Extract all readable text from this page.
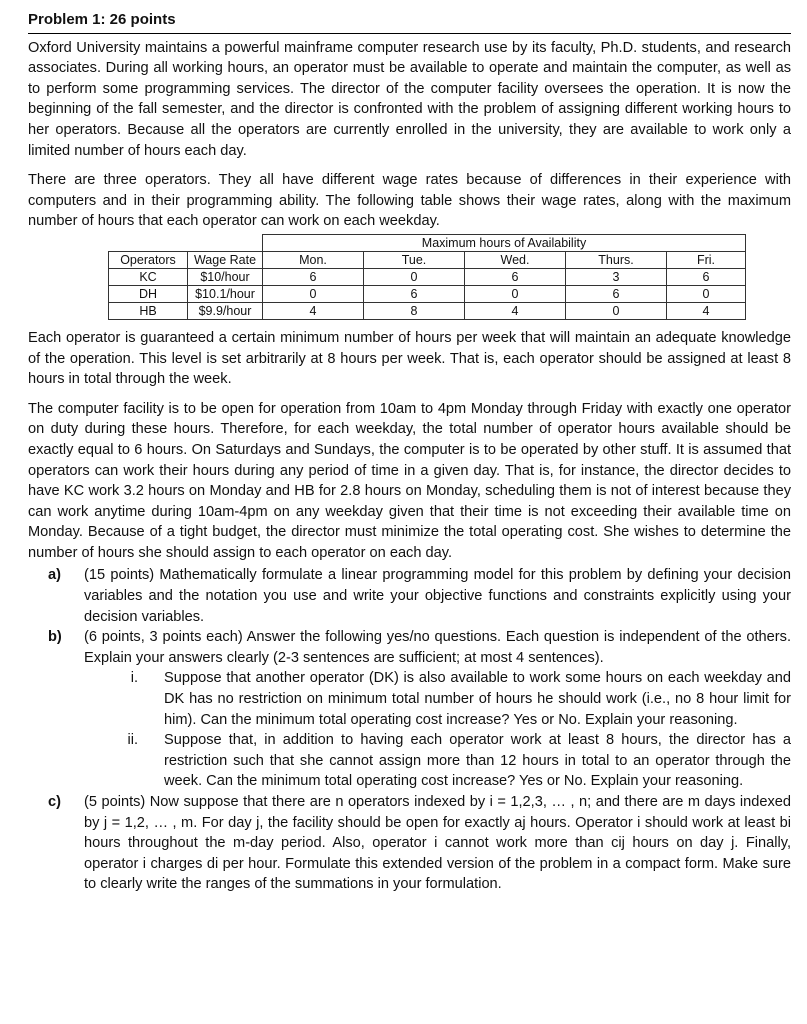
Problem 1: 26 points

Oxford University maintains a powerful mainframe computer research use by its faculty, Ph.D. students, and research associates. During all working hours, an operator must be available to operate and maintain the computer, as well as to perform some programming services. The director of the computer facility oversees the operation. It is now the beginning of the fall semester, and the director is confronted with the problem of assigning different working hours to her operators. Because all the operators are currently enrolled in the university, they are available to work only a limited number of hours each day.

There are three operators. They all have different wage rates because of differences in their experience with computers and in their programming ability. The following table shows their wage rates, along with the maximum number of hours that each operator can work on each weekday.

		Maximum hours of Availability				
Operators	Wage Rate	Mon.	Tue.	Wed.	Thurs.	Fri.
KC	$10/hour	6	0	6	3	6
DH	$10.1/hour	0	6	0	6	0
HB	$9.9/hour	4	8	4	0	4

Each operator is guaranteed a certain minimum number of hours per week that will maintain an adequate knowledge of the operation. This level is set arbitrarily at 8 hours per week. That is, each operator should be assigned at least 8 hours in total through the week.

The computer facility is to be open for operation from 10am to 4pm Monday through Friday with exactly one operator on duty during these hours. Therefore, for each weekday, the total number of operator hours available should be exactly equal to 6 hours. On Saturdays and Sundays, the computer is to be operated by other stuff. It is assumed that operators can work their hours during any period of time in a given day. That is, for instance, the director decides to have KC work 3.2 hours on Monday and HB for 2.8 hours on Monday, scheduling them is not of interest because they can work anytime during 10am-4pm on any weekday given that their time is not exceeding their available time on Monday. Because of a tight budget, the director must minimize the total operating cost. She wishes to determine the number of hours she should assign to each operator on each day.

a)	(15 points) Mathematically formulate a linear programming model for this problem by defining your decision variables and the notation you use and write your objective functions and constraints explicitly using your decision variables.
b)	(6 points, 3 points each) Answer the following yes/no questions. Each question is independent of the others. Explain your answers clearly (2-3 sentences are sufficient; at most 4 sentences).
i.	Suppose that another operator (DK) is also available to work some hours on each weekday and DK has no restriction on minimum total number of hours he should work (i.e., no 8 hour limit for him). Can the minimum total operating cost increase? Yes or No. Explain your reasoning.
ii.	Suppose that, in addition to having each operator work at least 8 hours, the director has a restriction such that she cannot assign more than 12 hours in total to an operator through the week. Can the minimum total operating cost increase? Yes or No. Explain your reasoning.
c)	(5 points) Now suppose that there are n operators indexed by i = 1,2,3, … , n; and there are m days indexed by j = 1,2, … , m. For day j, the facility should be open for exactly aj hours. Operator i should work at least bi hours throughout the m-day period. Also, operator i cannot work more than cij hours on day j. Finally, operator i charges di per hour. Formulate this extended version of the problem in a compact form. Make sure to clearly write the ranges of the summations in your formulation.
